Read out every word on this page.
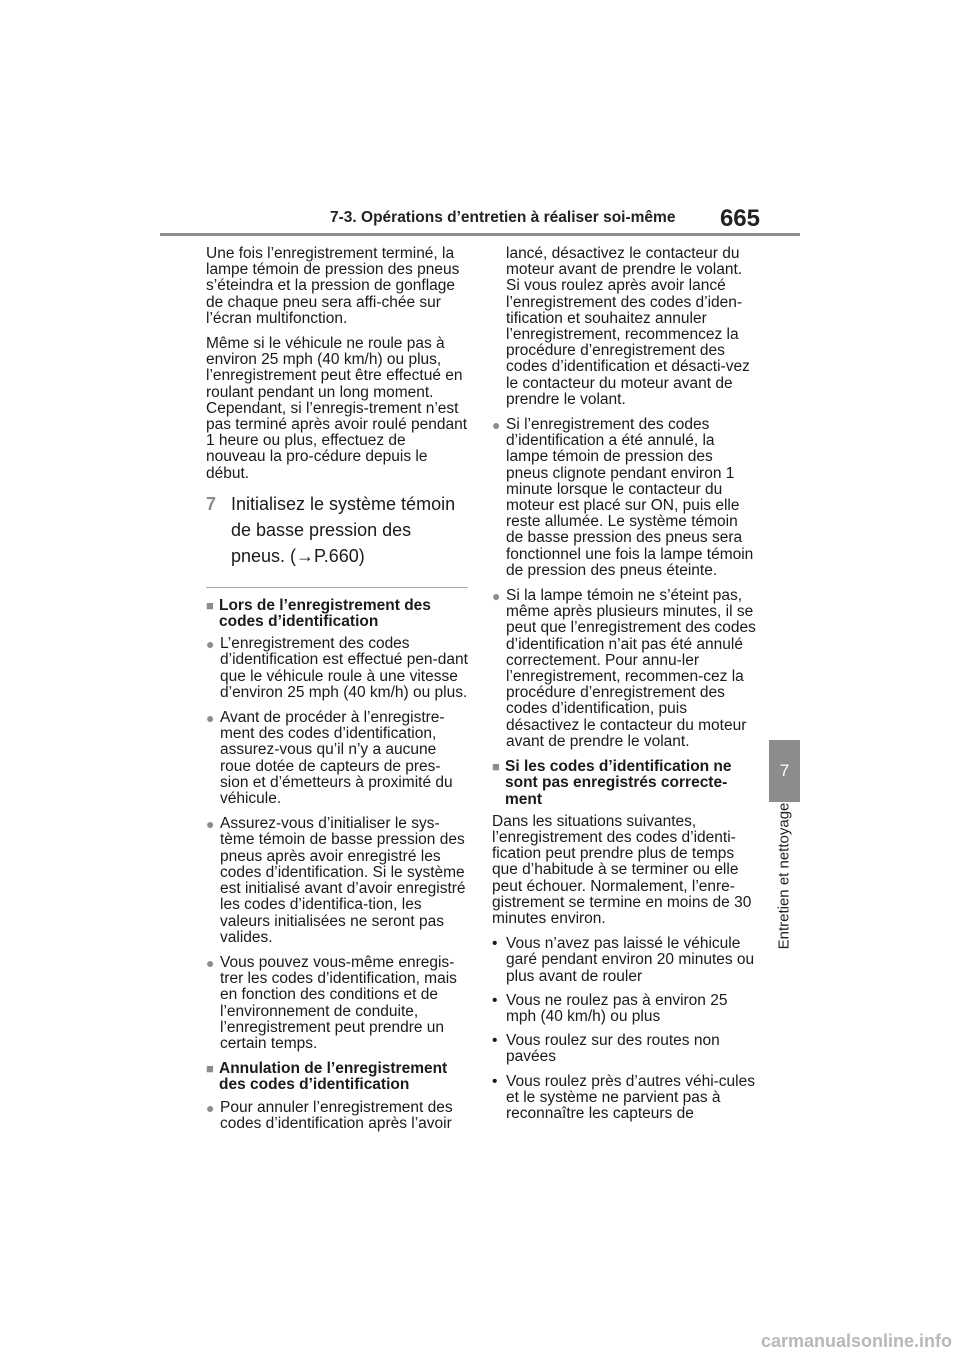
7-3. Opérations d’entretien à réaliser soi-même 665
7
Entretien et nettoyage

Une fois l’enregistrement terminé, la lampe témoin de pression des pneus s’éteindra et la pression de gonflage de chaque pneu sera affi-chée sur l’écran multifonction.

Même si le véhicule ne roule pas à environ 25 mph (40 km/h) ou plus, l’enregistrement peut être effectué en roulant pendant un long moment. Cependant, si l’enregis-trement n’est pas terminé après avoir roulé pendant 1 heure ou plus, effectuez de nouveau la pro-cédure depuis le début.

7 Initialisez le système témoin de basse pression des pneus. (→P.660)
■ Lors de l’enregistrement des codes d’identification
● L’enregistrement des codes d’identification est effectué pen-dant que le véhicule roule à une vitesse d’environ 25 mph (40 km/h) ou plus.
● Avant de procéder à l’enregistre-ment des codes d’identification, assurez-vous qu’il n’y a aucune roue dotée de capteurs de pres-sion et d’émetteurs à proximité du véhicule.
● Assurez-vous d’initialiser le sys-tème témoin de basse pression des pneus après avoir enregistré les codes d’identification. Si le système est initialisé avant d’avoir enregistré les codes d’identifica-tion, les valeurs initialisées ne seront pas valides.
● Vous pouvez vous-même enregis-trer les codes d’identification, mais en fonction des conditions et de l’environnement de conduite, l’enregistrement peut prendre un certain temps.
■ Annulation de l’enregistrement des codes d’identification
● Pour annuler l’enregistrement des codes d’identification après l’avoir

lancé, désactivez le contacteur du moteur avant de prendre le volant. Si vous roulez après avoir lancé l’enregistrement des codes d’iden-tification et souhaitez annuler l’enregistrement, recommencez la procédure d’enregistrement des codes d’identification et désacti-vez le contacteur du moteur avant de prendre le volant.

● Si l’enregistrement des codes d’identification a été annulé, la lampe témoin de pression des pneus clignote pendant environ 1 minute lorsque le contacteur du moteur est placé sur ON, puis elle reste allumée. Le système témoin de basse pression des pneus sera fonctionnel une fois la lampe témoin de pression des pneus éteinte.
● Si la lampe témoin ne s’éteint pas, même après plusieurs minutes, il se peut que l’enregistrement des codes d’identification n’ait pas été annulé correctement. Pour annu-ler l’enregistrement, recommen-cez la procédure d’enregistrement des codes d’identification, puis désactivez le contacteur du moteur avant de prendre le volant.
■ Si les codes d’identification ne sont pas enregistrés correcte-ment

Dans les situations suivantes, l’enregistrement des codes d’identi-fication peut prendre plus de temps que d’habitude à se terminer ou elle peut échouer. Normalement, l’enre-gistrement se termine en moins de 30 minutes environ.

• Vous n’avez pas laissé le véhicule garé pendant environ 20 minutes ou plus avant de rouler
• Vous ne roulez pas à environ 25 mph (40 km/h) ou plus
• Vous roulez sur des routes non pavées
• Vous roulez près d’autres véhi-cules et le système ne parvient pas à reconnaître les capteurs de
carmanualsonline.info
